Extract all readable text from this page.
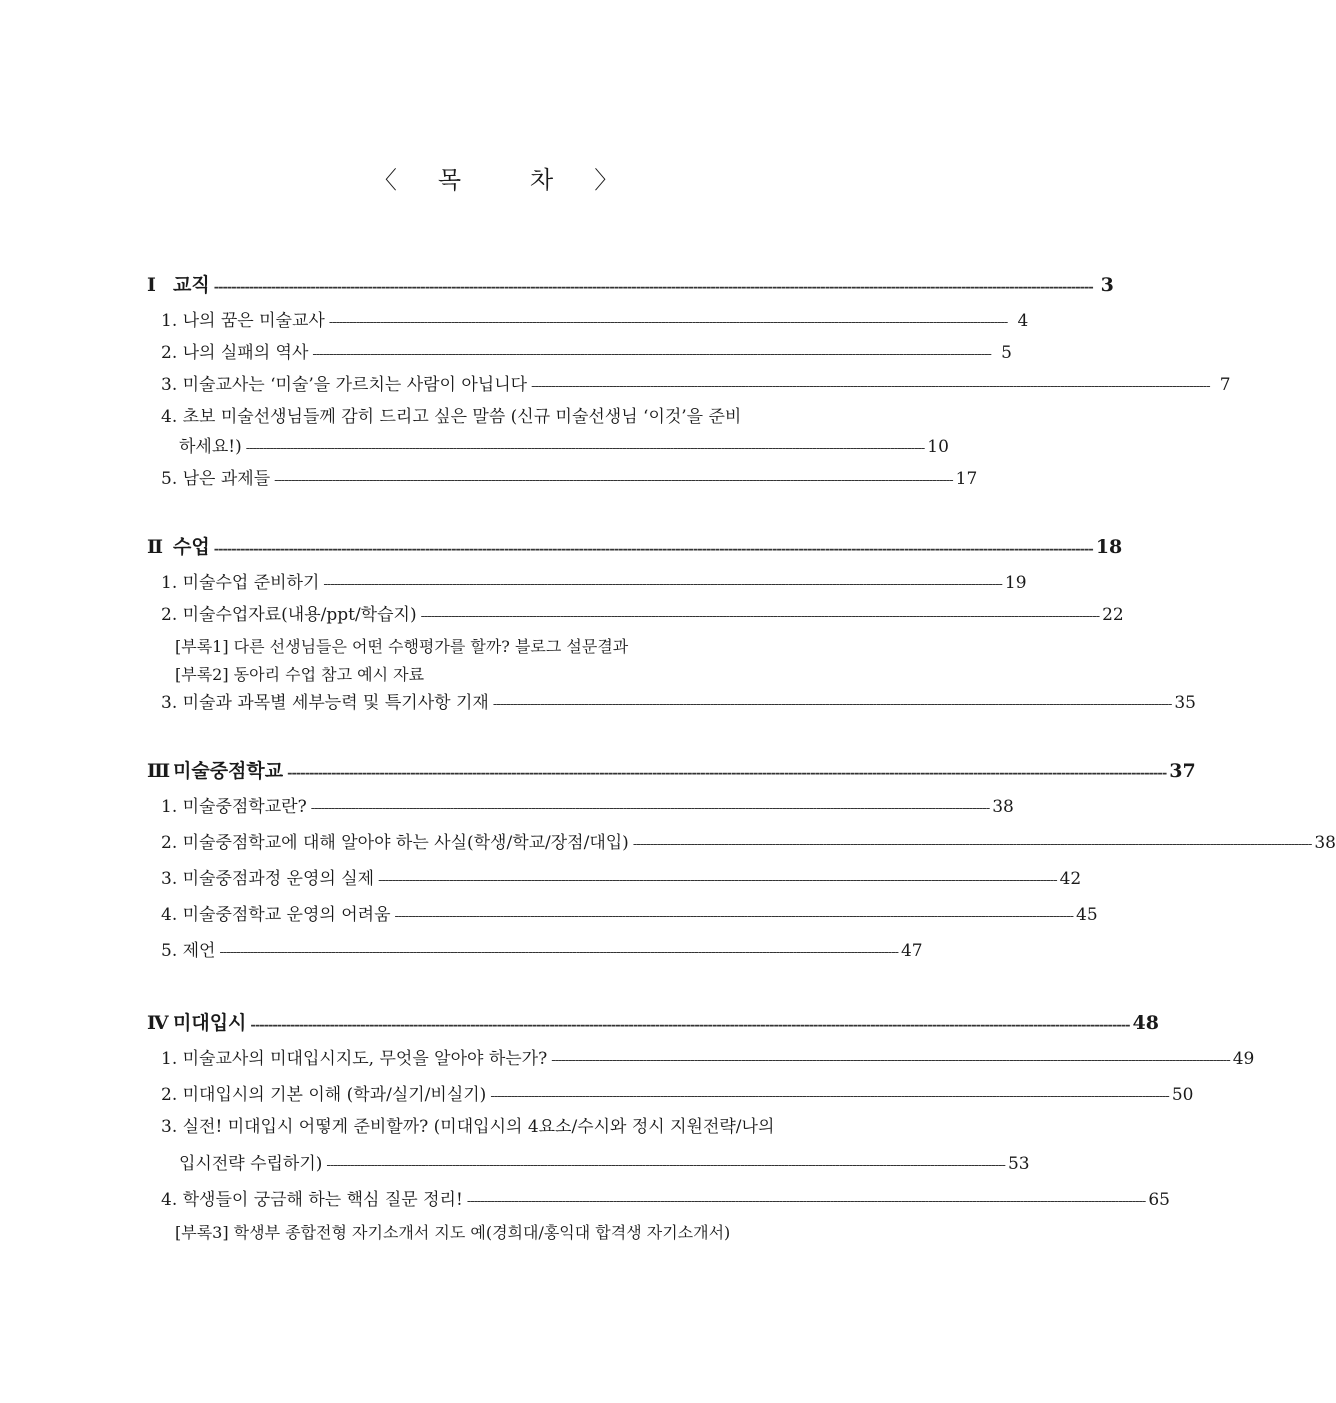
〈 목	차 〉
Ⅰ 교직 -------------------------------------------------------------------------------------------------------------------------------------------------------------------------------------------------------- 3
1. 나의 꿈은 미술교사 -------------------------------------------------------------------------------------------------------------------------------------------------------------------------------------------------------- 4
2. 나의 실패의 역사 -------------------------------------------------------------------------------------------------------------------------------------------------------------------------------------------------------- 5
3. 미술교사는 ‘미술’을 가르치는 사람이 아닙니다 -------------------------------------------------------------------------------------------------------------------------------------------------------------------------------------------------------- 7
4. 초보 미술선생님들께 감히 드리고 싶은 말씀 (신규 미술선생님 ‘이것’을 준비
하세요!) -------------------------------------------------------------------------------------------------------------------------------------------------------------------------------------------------------- 10
5. 남은 과제들 -------------------------------------------------------------------------------------------------------------------------------------------------------------------------------------------------------- 17
Ⅱ 수업 -------------------------------------------------------------------------------------------------------------------------------------------------------------------------------------------------------- 18
1. 미술수업 준비하기 -------------------------------------------------------------------------------------------------------------------------------------------------------------------------------------------------------- 19
2. 미술수업자료(내용/ppt/학습지) -------------------------------------------------------------------------------------------------------------------------------------------------------------------------------------------------------- 22
[부록1] 다른 선생님들은 어떤 수행평가를 할까? 블로그 설문결과
[부록2] 동아리 수업 참고 예시 자료
3. 미술과 과목별 세부능력 및 특기사항 기재 -------------------------------------------------------------------------------------------------------------------------------------------------------------------------------------------------------- 35
Ⅲ 미술중점학교 -------------------------------------------------------------------------------------------------------------------------------------------------------------------------------------------------------- 37
1. 미술중점학교란? -------------------------------------------------------------------------------------------------------------------------------------------------------------------------------------------------------- 38
2. 미술중점학교에 대해 알아야 하는 사실(학생/학교/장점/대입) -------------------------------------------------------------------------------------------------------------------------------------------------------------------------------------------------------- 38
3. 미술중점과정 운영의 실제 -------------------------------------------------------------------------------------------------------------------------------------------------------------------------------------------------------- 42
4. 미술중점학교 운영의 어려움 -------------------------------------------------------------------------------------------------------------------------------------------------------------------------------------------------------- 45
5. 제언 -------------------------------------------------------------------------------------------------------------------------------------------------------------------------------------------------------- 47
Ⅳ 미대입시 -------------------------------------------------------------------------------------------------------------------------------------------------------------------------------------------------------- 48
1. 미술교사의 미대입시지도, 무엇을 알아야 하는가? -------------------------------------------------------------------------------------------------------------------------------------------------------------------------------------------------------- 49
2. 미대입시의 기본 이해 (학과/실기/비실기) -------------------------------------------------------------------------------------------------------------------------------------------------------------------------------------------------------- 50
3. 실전! 미대입시 어떻게 준비할까? (미대입시의 4요소/수시와 정시 지원전략/나의
입시전략 수립하기) -------------------------------------------------------------------------------------------------------------------------------------------------------------------------------------------------------- 53
4. 학생들이 궁금해 하는 핵심 질문 정리! -------------------------------------------------------------------------------------------------------------------------------------------------------------------------------------------------------- 65
[부록3] 학생부 종합전형 자기소개서 지도 예(경희대/홍익대 합격생 자기소개서)
